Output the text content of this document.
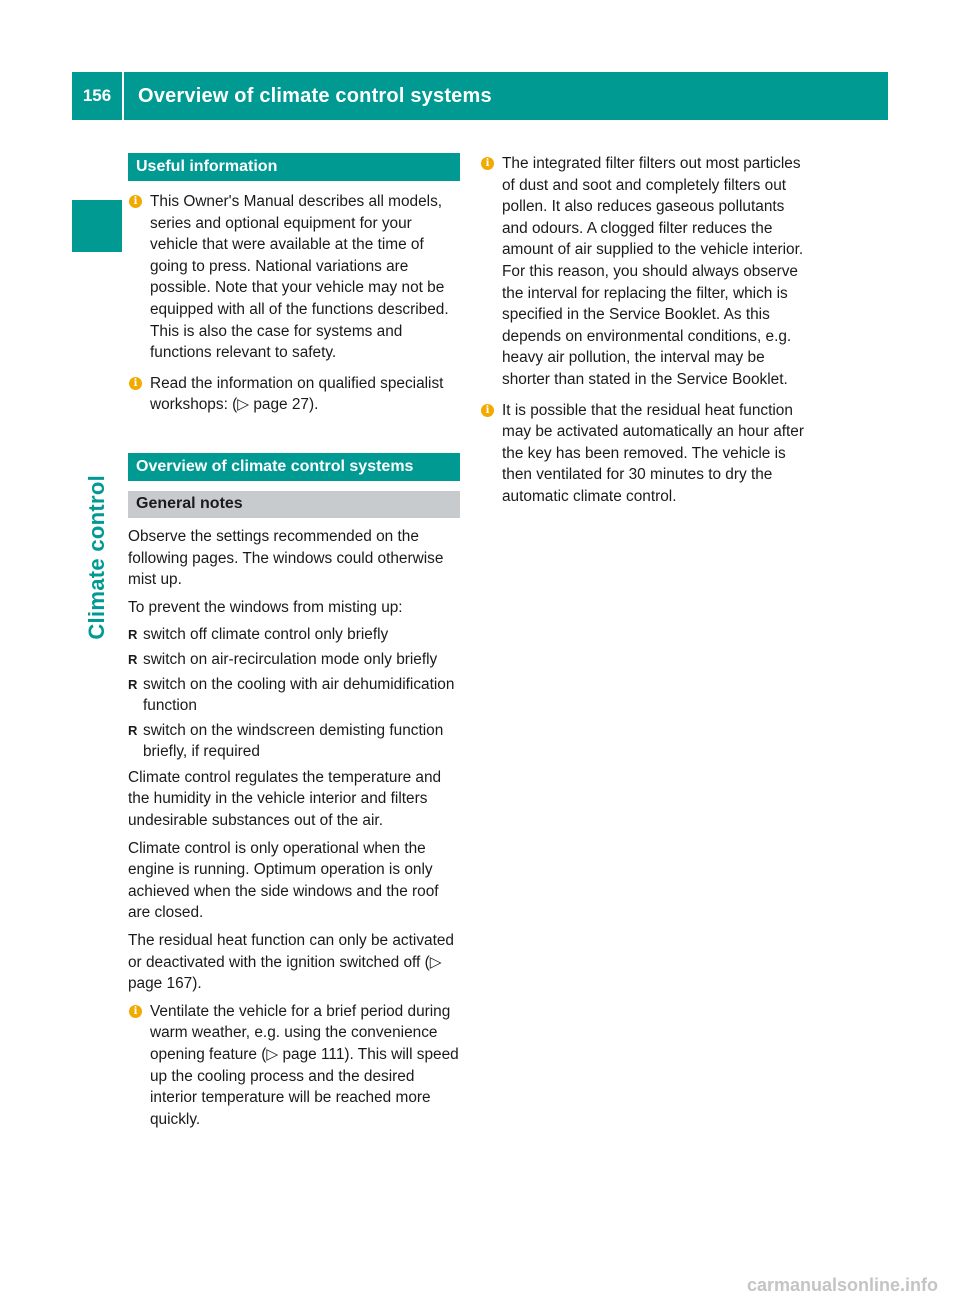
156	Overview of climate control systems
Climate control
Useful information
i This Owner's Manual describes all models, series and optional equipment for your vehicle that were available at the time of going to press. National variations are possible. Note that your vehicle may not be equipped with all of the functions described. This is also the case for systems and functions relevant to safety.
i Read the information on qualified specialist workshops: (▷ page 27).
Overview of climate control systems
General notes

Observe the settings recommended on the following pages. The windows could otherwise mist up.

To prevent the windows from misting up:

R switch off climate control only briefly
R switch on air-recirculation mode only briefly
R switch on the cooling with air dehumidification function
R switch on the windscreen demisting function briefly, if required

Climate control regulates the temperature and the humidity in the vehicle interior and filters undesirable substances out of the air.

Climate control is only operational when the engine is running. Optimum operation is only achieved when the side windows and the roof are closed.

The residual heat function can only be activated or deactivated with the ignition switched off (▷ page 167).

i Ventilate the vehicle for a brief period during warm weather, e.g. using the convenience opening feature (▷ page 111). This will speed up the cooling process and the desired interior temperature will be reached more quickly.
i The integrated filter filters out most particles of dust and soot and completely filters out pollen. It also reduces gaseous pollutants and odours. A clogged filter reduces the amount of air supplied to the vehicle interior. For this reason, you should always observe the interval for replacing the filter, which is specified in the Service Booklet. As this depends on environmental conditions, e.g. heavy air pollution, the interval may be shorter than stated in the Service Booklet.
i It is possible that the residual heat function may be activated automatically an hour after the key has been removed. The vehicle is then ventilated for 30 minutes to dry the automatic climate control.
carmanualsonline.info
